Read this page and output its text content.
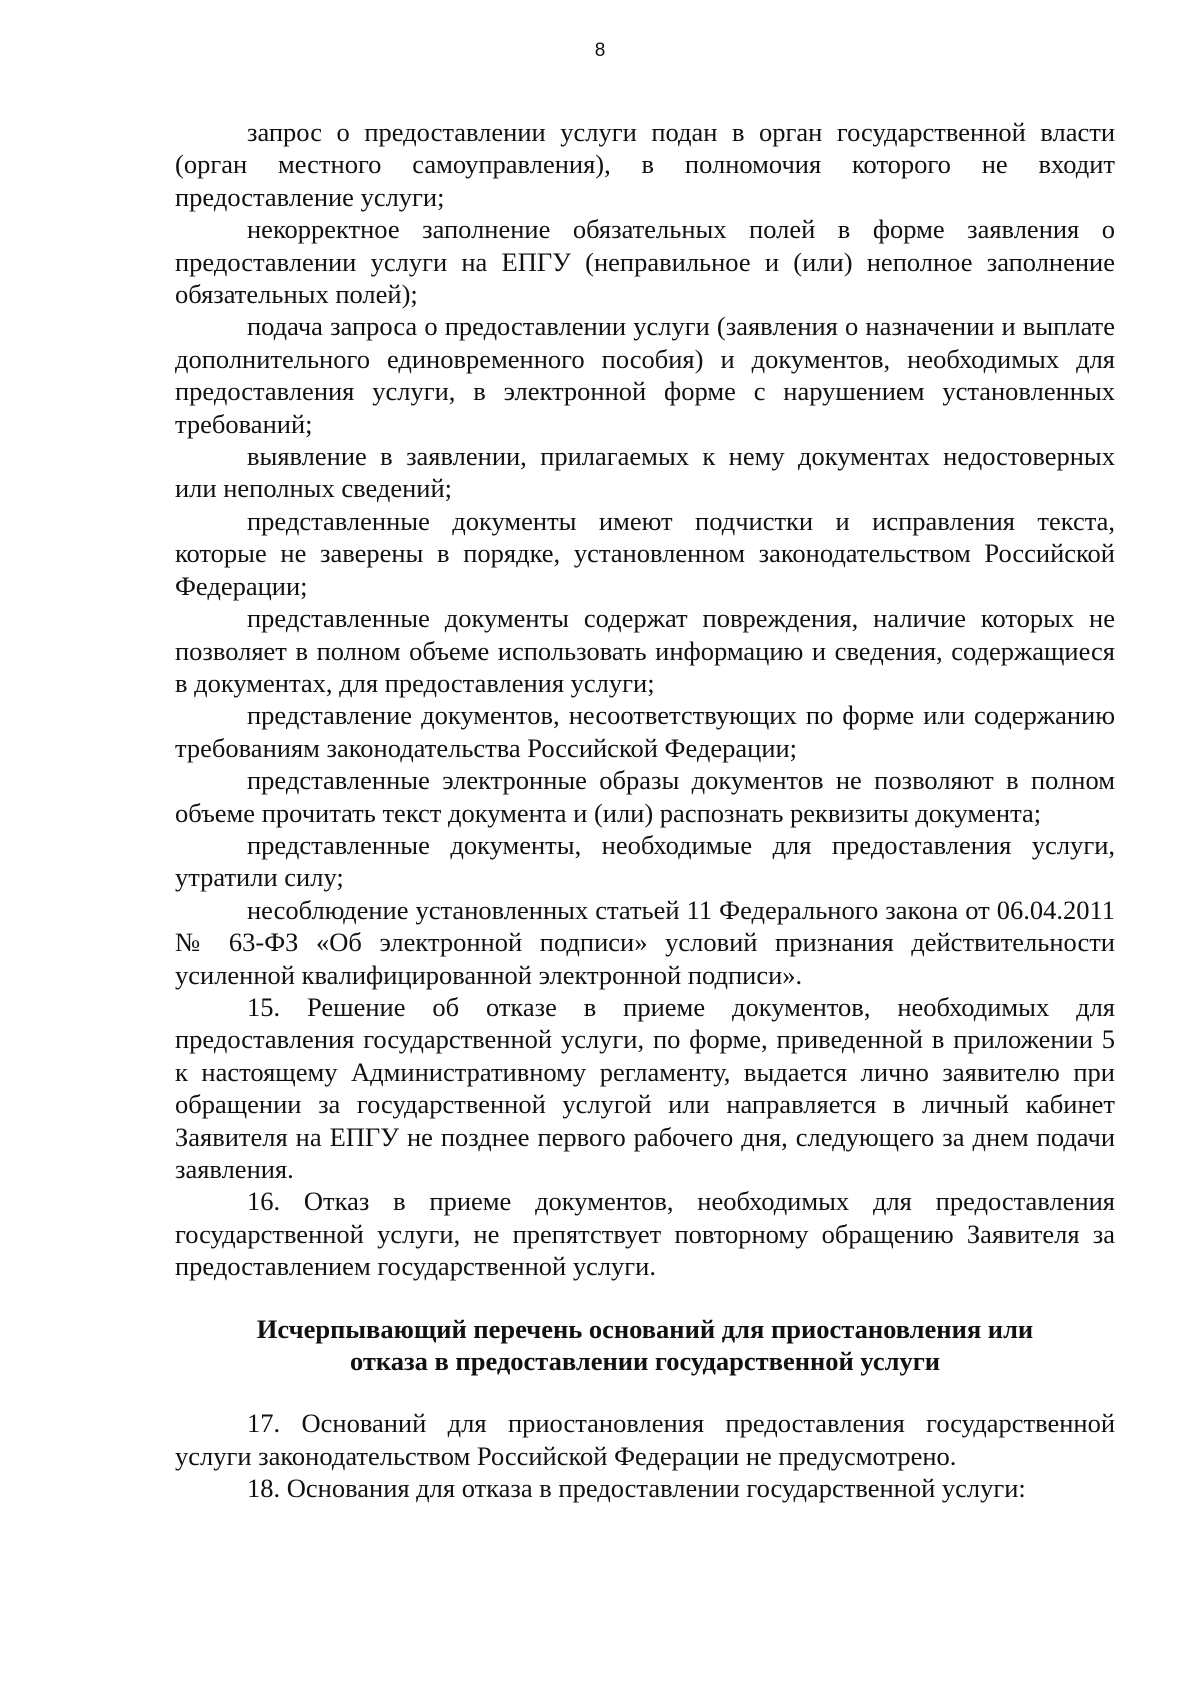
8

запрос о предоставлении услуги подан в орган государственной власти (орган местного самоуправления), в полномочия которого не входит предоставление услуги;

некорректное заполнение обязательных полей в форме заявления о предоставлении услуги на ЕПГУ (неправильное и (или) неполное заполнение обязательных полей);

подача запроса о предоставлении услуги (заявления о назначении и выплате дополнительного единовременного пособия) и документов, необходимых для предоставления услуги, в электронной форме с нарушением установленных требований;

выявление в заявлении, прилагаемых к нему документах недостоверных или неполных сведений;

представленные документы имеют подчистки и исправления текста, которые не заверены в порядке, установленном законодательством Российской Федерации;

представленные документы содержат повреждения, наличие которых не позволяет в полном объеме использовать информацию и сведения, содержащиеся в документах, для предоставления услуги;

представление документов, несоответствующих по форме или содержанию требованиям законодательства Российской Федерации;

представленные электронные образы документов не позволяют в полном объеме прочитать текст документа и (или) распознать реквизиты документа;

представленные документы, необходимые для предоставления услуги, утратили силу;

несоблюдение установленных статьей 11 Федерального закона от 06.04.2011 № 63-ФЗ «Об электронной подписи» условий признания действительности усиленной квалифицированной электронной подписи».

15. Решение об отказе в приеме документов, необходимых для предоставления государственной услуги, по форме, приведенной в приложении 5 к настоящему Административному регламенту, выдается лично заявителю при обращении за государственной услугой или направляется в личный кабинет Заявителя на ЕПГУ не позднее первого рабочего дня, следующего за днем подачи заявления.

16. Отказ в приеме документов, необходимых для предоставления государственной услуги, не препятствует повторному обращению Заявителя за предоставлением государственной услуги.

Исчерпывающий перечень оснований для приостановления или
отказа в предоставлении государственной услуги

17. Оснований для приостановления предоставления государственной услуги законодательством Российской Федерации не предусмотрено.

18. Основания для отказа в предоставлении государственной услуги:
